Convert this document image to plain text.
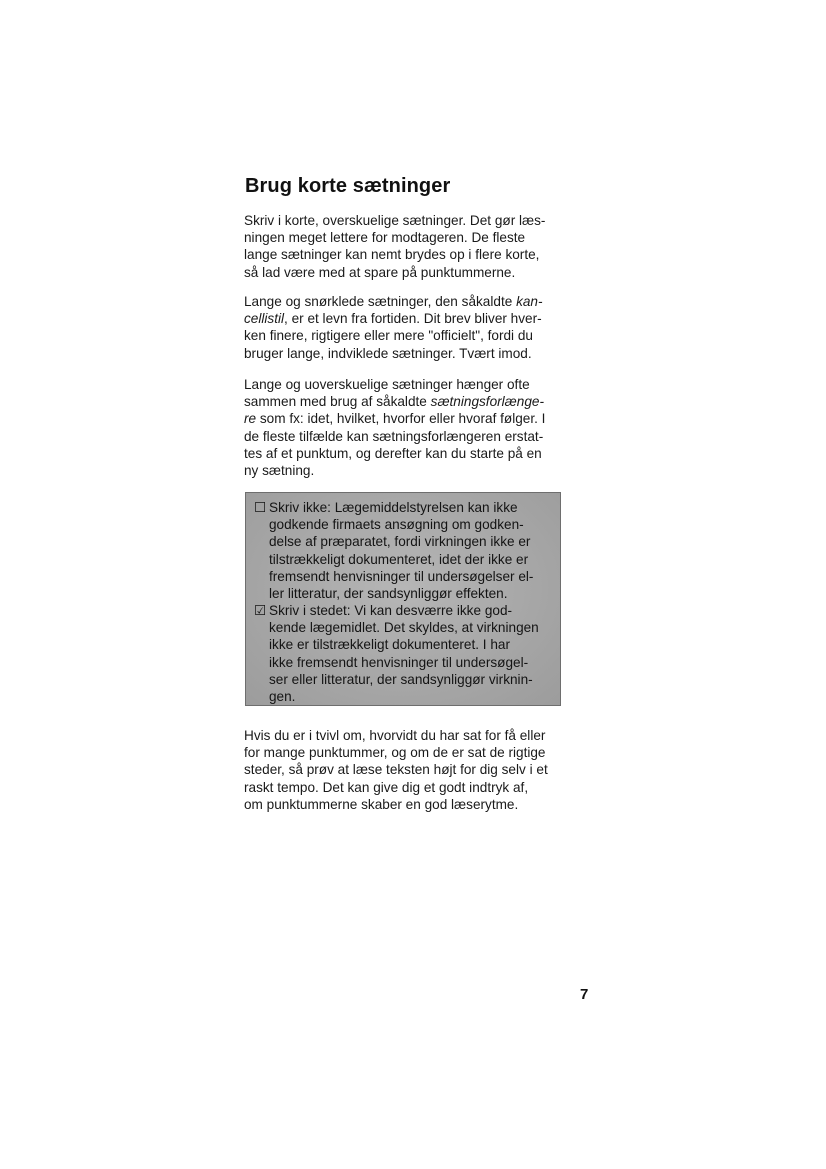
Brug korte sætninger
Skriv i korte, overskuelige sætninger. Det gør læs-
ningen meget lettere for modtageren. De fleste
lange sætninger kan nemt brydes op i flere korte,
så lad være med at spare på punktummerne.
Lange og snørklede sætninger, den såkaldte kan-
cellistil, er et levn fra fortiden. Dit brev bliver hver-
ken finere, rigtigere eller mere "officielt", fordi du
bruger lange, indviklede sætninger. Tvært imod.
Lange og uoverskuelige sætninger hænger ofte
sammen med brug af såkaldte sætningsforlænge-
re som fx: idet, hvilket, hvorfor eller hvoraf følger. I
de fleste tilfælde kan sætningsforlængeren erstat-
tes af et punktum, og derefter kan du starte på en
ny sætning.
☐ Skriv ikke: Lægemiddelstyrelsen kan ikke
godkende firmaets ansøgning om godken-
delse af præparatet, fordi virkningen ikke er
tilstrækkeligt dokumenteret, idet der ikke er
fremsendt henvisninger til undersøgelser el-
ler litteratur, der sandsynliggør effekten.
☑ Skriv i stedet: Vi kan desværre ikke god-
kende lægemidlet. Det skyldes, at virkningen
ikke er tilstrækkeligt dokumenteret. I har
ikke fremsendt henvisninger til undersøgel-
ser eller litteratur, der sandsynliggør virknin-
gen.
Hvis du er i tvivl om, hvorvidt du har sat for få eller
for mange punktummer, og om de er sat de rigtige
steder, så prøv at læse teksten højt for dig selv i et
raskt tempo. Det kan give dig et godt indtryk af,
om punktummerne skaber en god læserytme.
7
